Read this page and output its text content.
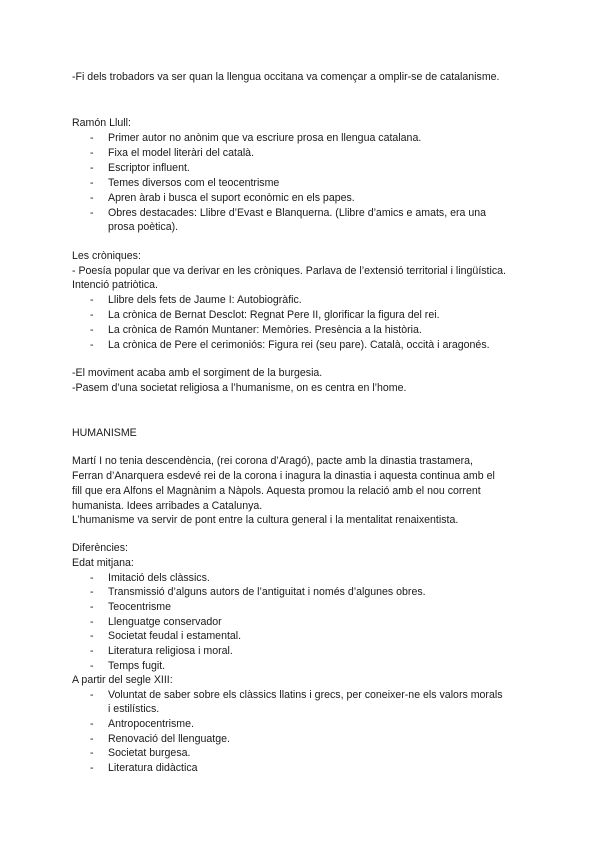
-Fi dels trobadors va ser quan la llengua occitana va començar a omplir-se de catalanisme.
Ramón Llull:
- Primer autor no anònim que va escriure prosa en llengua catalana.
- Fixa el model literàri del català.
- Escriptor influent.
- Temes diversos com el teocentrisme
- Apren àrab i busca el suport econòmic en els papes.
- Obres destacades: Llibre d’Evast e Blanquerna. (Llibre d’amics e amats, era una
prosa poètica).
Les cròniques:
- Poesía popular que va derivar en les cròniques. Parlava de l’extensió territorial i lingüística.
Intenció patriòtica.
- Llibre dels fets de Jaume I: Autobiogràfic.
- La crònica de Bernat Desclot: Regnat Pere II, glorificar la figura del rei.
- La crònica de Ramón Muntaner: Memòries. Presència a la història.
- La crònica de Pere el cerimoniós: Figura rei (seu pare). Català, occità i aragonés.
-El moviment acaba amb el sorgiment de la burgesia.
-Pasem d’una societat religiosa a l’humanisme, on es centra en l’home.
HUMANISME
Martí I no tenia descendència, (rei corona d’Aragó), pacte amb la dinastia trastamera,
Ferran d’Anarquera esdevé rei de la corona i inagura la dinastia i aquesta continua amb el
fill que era Alfons el Magnànim a Nàpols. Aquesta promou la relació amb el nou corrent
humanista. Idees arribades a Catalunya.
L’humanisme va servir de pont entre la cultura general i la mentalitat renaixentista.
Diferències:
Edat mitjana:
- Imitació dels clàssics.
- Transmissió d’alguns autors de l’antiguitat i només d’algunes obres.
- Teocentrisme
- Llenguatge conservador
- Societat feudal i estamental.
- Literatura religiosa i moral.
- Temps fugit.
A partir del segle XIII:
- Voluntat de saber sobre els clàssics llatins i grecs, per coneixer-ne els valors morals
i estilístics.
- Antropocentrisme.
- Renovació del llenguatge.
- Societat burgesa.
- Literatura didàctica
